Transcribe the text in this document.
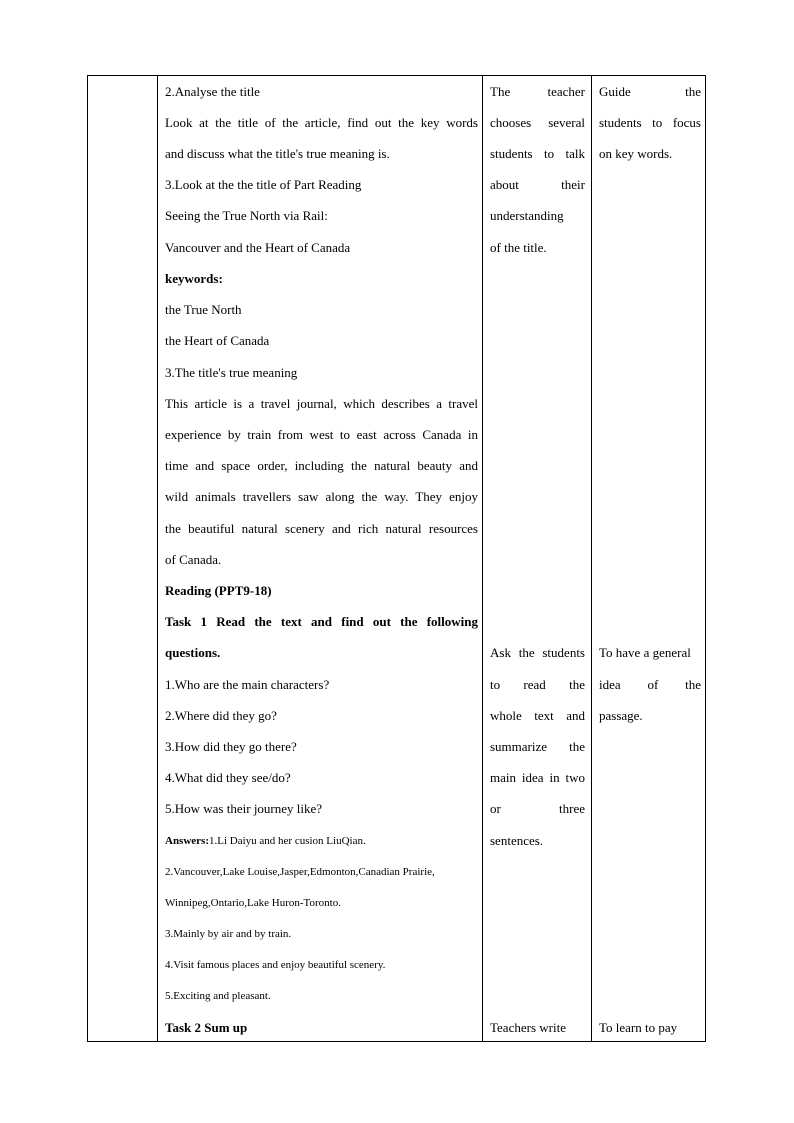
2.Analyse the title
Look at the title of the article, find out the key words
and discuss what the title's true meaning is.
3.Look at the the title of Part Reading
Seeing the True North via Rail:
Vancouver and the Heart of Canada
keywords:
the True North
the Heart of Canada
3.The title's true meaning
This article is a travel journal, which describes a travel
experience by train from west to east across Canada in
time and space order, including the natural beauty and
wild animals travellers saw along the way. They enjoy
the beautiful natural scenery and rich natural resources
of Canada.
Reading (PPT9-18)
Task 1 Read the text and find out the following
questions.
1.Who are the main characters?
2.Where did they go?
3.How did they go there?
4.What did they see/do?
5.How was their journey like?
Answers:1.Li Daiyu and her cusion LiuQian.
2.Vancouver,Lake Louise,Jasper,Edmonton,Canadian Prairie,
Winnipeg,Ontario,Lake Huron-Toronto.
3.Mainly by air and by train.
4.Visit famous places and enjoy beautiful scenery.
5.Exciting and pleasant.
Task 2 Sum up
The teacher
chooses several
students to talk
about their
understanding
of the title.
Ask the students
to read the
whole text and
summarize the
main idea in two
or three
sentences.
Teachers write
Guide the
students to focus
on key words.
To have a general
idea of the
passage.
To learn to pay
